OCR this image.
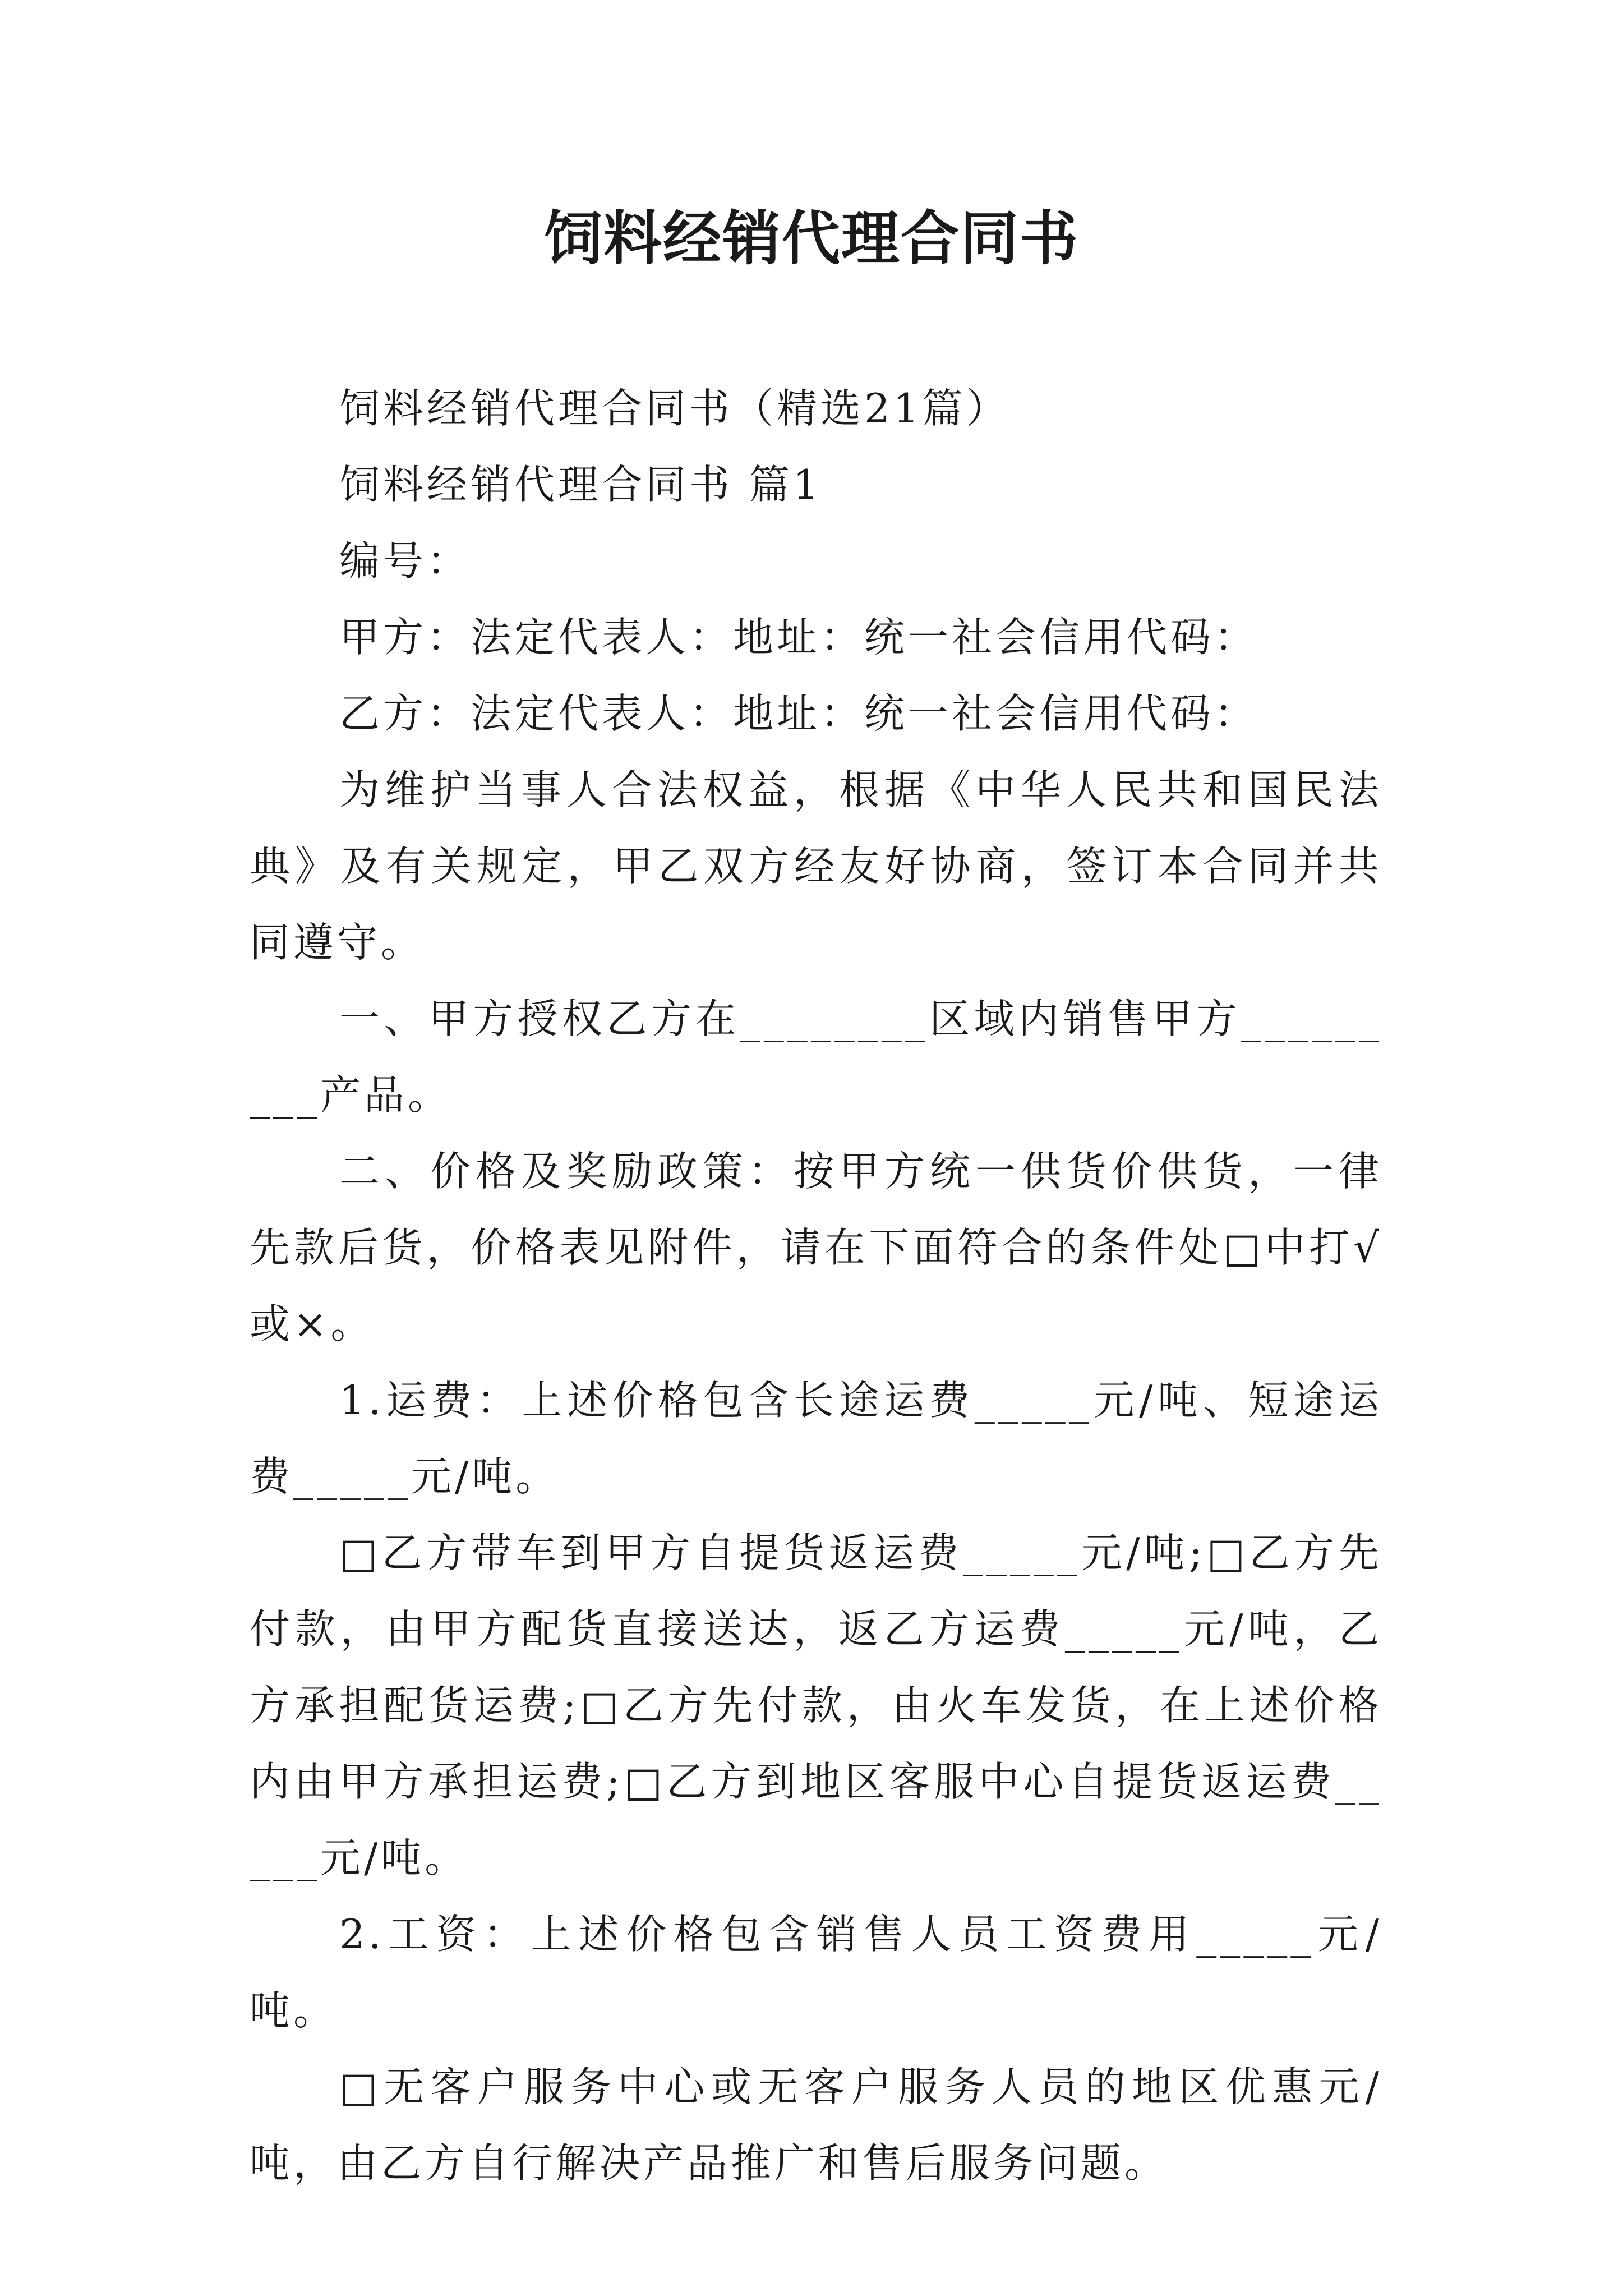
饲料经销代理合同书

饲料经销代理合同书（精选21篇）

饲料经销代理合同书 篇1

编号：

甲方：法定代表人：地址：统一社会信用代码：

乙方：法定代表人：地址：统一社会信用代码：

为维护当事人合法权益，根据《中华人民共和国民法典》及有关规定，甲乙双方经友好协商，签订本合同并共同遵守。

一、甲方授权乙方在________区域内销售甲方_________产品。

二、价格及奖励政策：按甲方统一供货价供货，一律先款后货，价格表见附件，请在下面符合的条件处□中打√或×。

1.运费：上述价格包含长途运费_____元/吨、短途运费_____元/吨。

□乙方带车到甲方自提货返运费_____元/吨;□乙方先付款，由甲方配货直接送达，返乙方运费_____元/吨，乙方承担配货运费;□乙方先付款，由火车发货，在上述价格内由甲方承担运费;□乙方到地区客服中心自提货返运费_____元/吨。

2.工资：上述价格包含销售人员工资费用_____元/吨。

□无客户服务中心或无客户服务人员的地区优惠元/吨，由乙方自行解决产品推广和售后服务问题。
